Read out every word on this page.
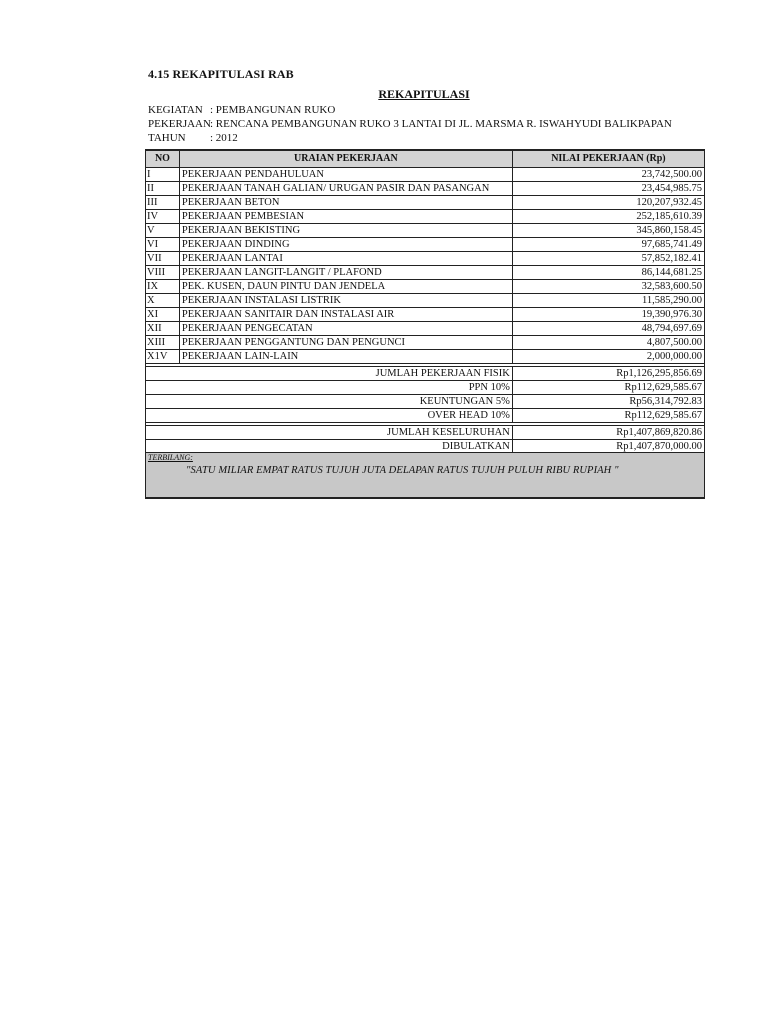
4.15 REKAPITULASI RAB
REKAPITULASI
KEGIATAN : PEMBANGUNAN RUKO
PEKERJAAN: RENCANA PEMBANGUNAN RUKO 3 LANTAI DI JL. MARSMA R. ISWAHYUDI BALIKPAPAN
TAHUN : 2012
NO	URAIAN PEKERJAAN	NILAI PEKERJAAN (Rp)
I	PEKERJAAN PENDAHULUAN	23,742,500.00
II	PEKERJAAN TANAH GALIAN/ URUGAN PASIR DAN PASANGAN	23,454,985.75
III	PEKERJAAN BETON	120,207,932.45
IV	PEKERJAAN PEMBESIAN	252,185,610.39
V	PEKERJAAN BEKISTING	345,860,158.45
VI	PEKERJAAN DINDING	97,685,741.49
VII	PEKERJAAN LANTAI	57,852,182.41
VIII	PEKERJAAN LANGIT-LANGIT / PLAFOND	86,144,681.25
IX	PEK. KUSEN, DAUN PINTU DAN JENDELA	32,583,600.50
X	PEKERJAAN INSTALASI LISTRIK	11,585,290.00
XI	PEKERJAAN SANITAIR DAN INSTALASI AIR	19,390,976.30
XII	PEKERJAAN PENGECATAN	48,794,697.69
XIII	PEKERJAAN PENGGANTUNG DAN PENGUNCI	4,807,500.00
X1V	PEKERJAAN LAIN-LAIN	2,000,000.00

JUMLAH PEKERJAAN FISIK		Rp1,126,295,856.69
PPN 10%		Rp112,629,585.67
KEUNTUNGAN 5%		Rp56,314,792.83
OVER HEAD 10%		Rp112,629,585.67

JUMLAH KESELURUHAN		Rp1,407,869,820.86
DIBULATKAN		Rp1,407,870,000.00
TERBILANG:
"SATU MILIAR EMPAT RATUS TUJUH JUTA DELAPAN RATUS TUJUH PULUH RIBU RUPIAH "
